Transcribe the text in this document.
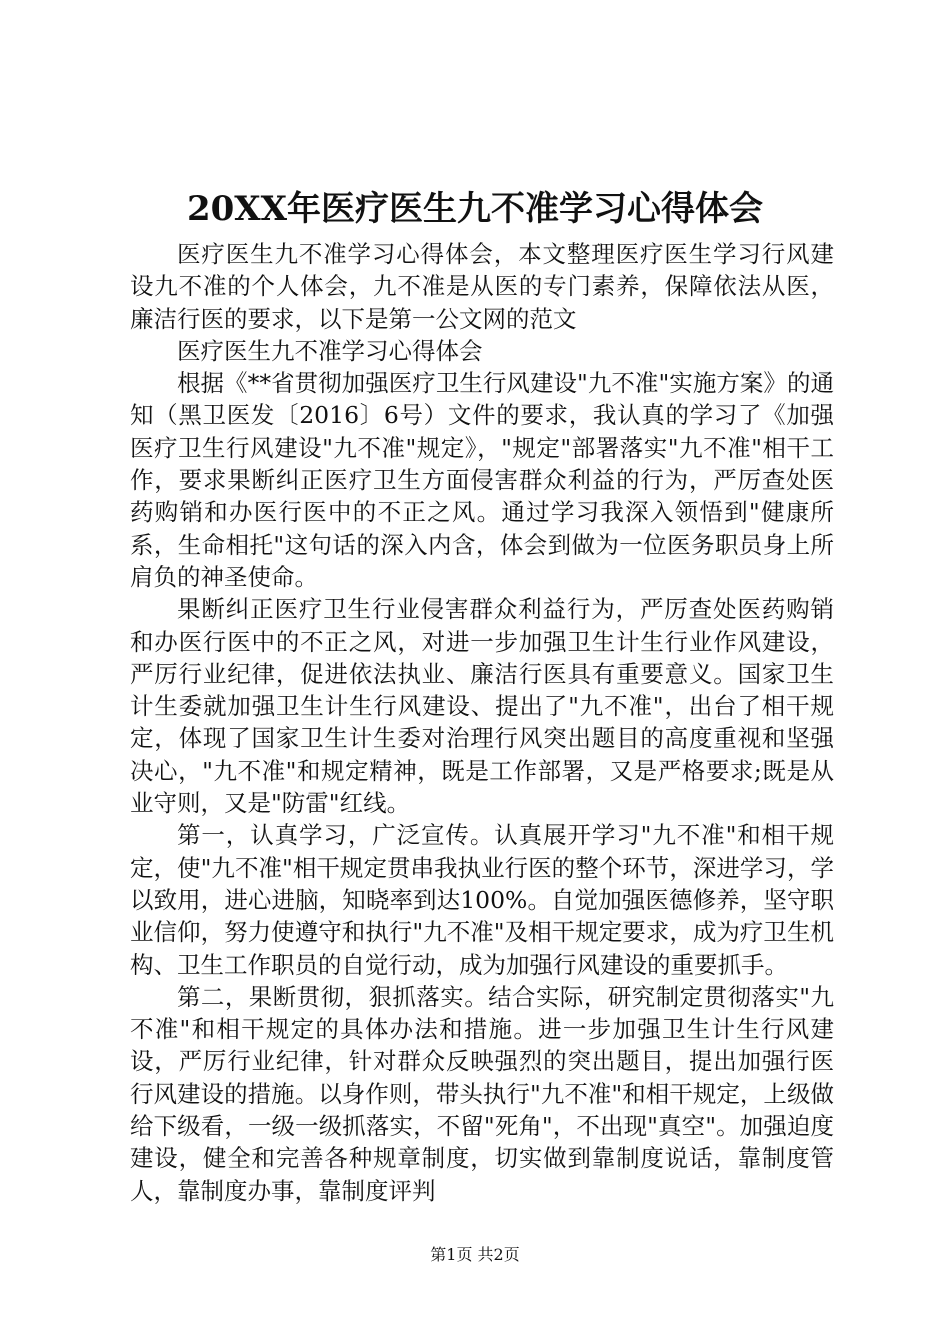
20XX年医疗医生九不准学习心得体会

医疗医生九不准学习心得体会，本文整理医疗医生学习行风建设九不准的个人体会，九不准是从医的专门素养，保障依法从医，廉洁行医的要求，以下是第一公文网的范文

医疗医生九不准学习心得体会

根据《**省贯彻加强医疗卫生行风建设"九不准"实施方案》的通知（黑卫医发〔2016〕6号）文件的要求，我认真的学习了《加强医疗卫生行风建设"九不准"规定》，"规定"部署落实"九不准"相干工作，要求果断纠正医疗卫生方面侵害群众利益的行为，严厉查处医药购销和办医行医中的不正之风。通过学习我深入领悟到"健康所系，生命相托"这句话的深入内含，体会到做为一位医务职员身上所肩负的神圣使命。

果断纠正医疗卫生行业侵害群众利益行为，严厉查处医药购销和办医行医中的不正之风，对进一步加强卫生计生行业作风建设，严厉行业纪律，促进依法执业、廉洁行医具有重要意义。国家卫生计生委就加强卫生计生行风建设、提出了"九不准"，出台了相干规定，体现了国家卫生计生委对治理行风突出题目的高度重视和坚强决心，"九不准"和规定精神，既是工作部署，又是严格要求;既是从业守则，又是"防雷"红线。

第一，认真学习，广泛宣传。认真展开学习"九不准"和相干规定，使"九不准"相干规定贯串我执业行医的整个环节，深进学习，学以致用，进心进脑，知晓率到达100%。自觉加强医德修养，坚守职业信仰，努力使遵守和执行"九不准"及相干规定要求，成为疗卫生机构、卫生工作职员的自觉行动，成为加强行风建设的重要抓手。

第二，果断贯彻，狠抓落实。结合实际，研究制定贯彻落实"九不准"和相干规定的具体办法和措施。进一步加强卫生计生行风建设，严厉行业纪律，针对群众反映强烈的突出题目，提出加强行医行风建设的措施。以身作则，带头执行"九不准"和相干规定，上级做给下级看，一级一级抓落实，不留"死角"，不出现"真空"。加强迫度建设，健全和完善各种规章制度，切实做到靠制度说话，靠制度管人，靠制度办事，靠制度评判

第1页 共2页
